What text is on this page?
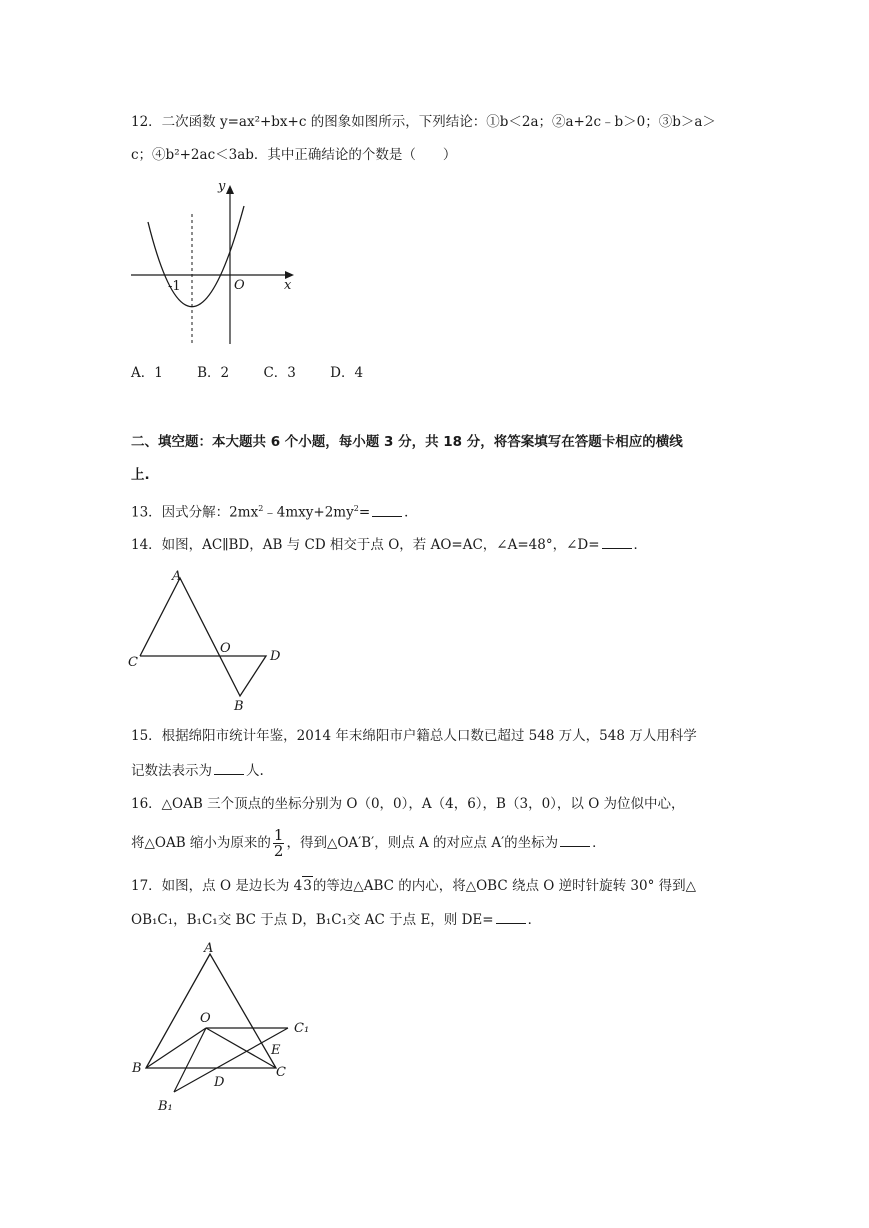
12．二次函数 y=ax²+bx+c 的图象如图所示，下列结论：①b＜2a；②a+2c﹣b＞0；③b＞a＞
c；④b²+2ac＜3ab．其中正确结论的个数是（　　）
y
x
O
-1
A．1	B．2	C．3	D．4
二、填空题：本大题共 6 个小题，每小题 3 分，共 18 分，将答案填写在答题卡相应的横线
上.
13．因式分解：$2mx^2﹣4mxy+2my^2=$	．
14．如图，AC∥BD，AB 与 CD 相交于点 O，若 AO=AC，∠A=48°，∠D=	．
A
C
O
D
B
15．根据绵阳市统计年鉴，2014 年末绵阳市户籍总人口数已超过 548 万人，548 万人用科学
记数法表示为	人.
16．△OAB 三个顶点的坐标分别为 O（0，0），A（4，6），B（3，0），以 O 为位似中心，
将△OAB 缩小为原来的 $\frac{1}{2}$ ，得到△OA′B′，则点 A 的对应点 A′的坐标为	．
17．如图，点 O 是边长为 43的等边△ABC 的内心，将△OBC 绕点 O 逆时针旋转 30° 得到△
OB₁C₁，B₁C₁交 BC 于点 D，B₁C₁交 AC 于点 E，则 DE=	．
A
O
C₁
E
B	C
D
B₁
